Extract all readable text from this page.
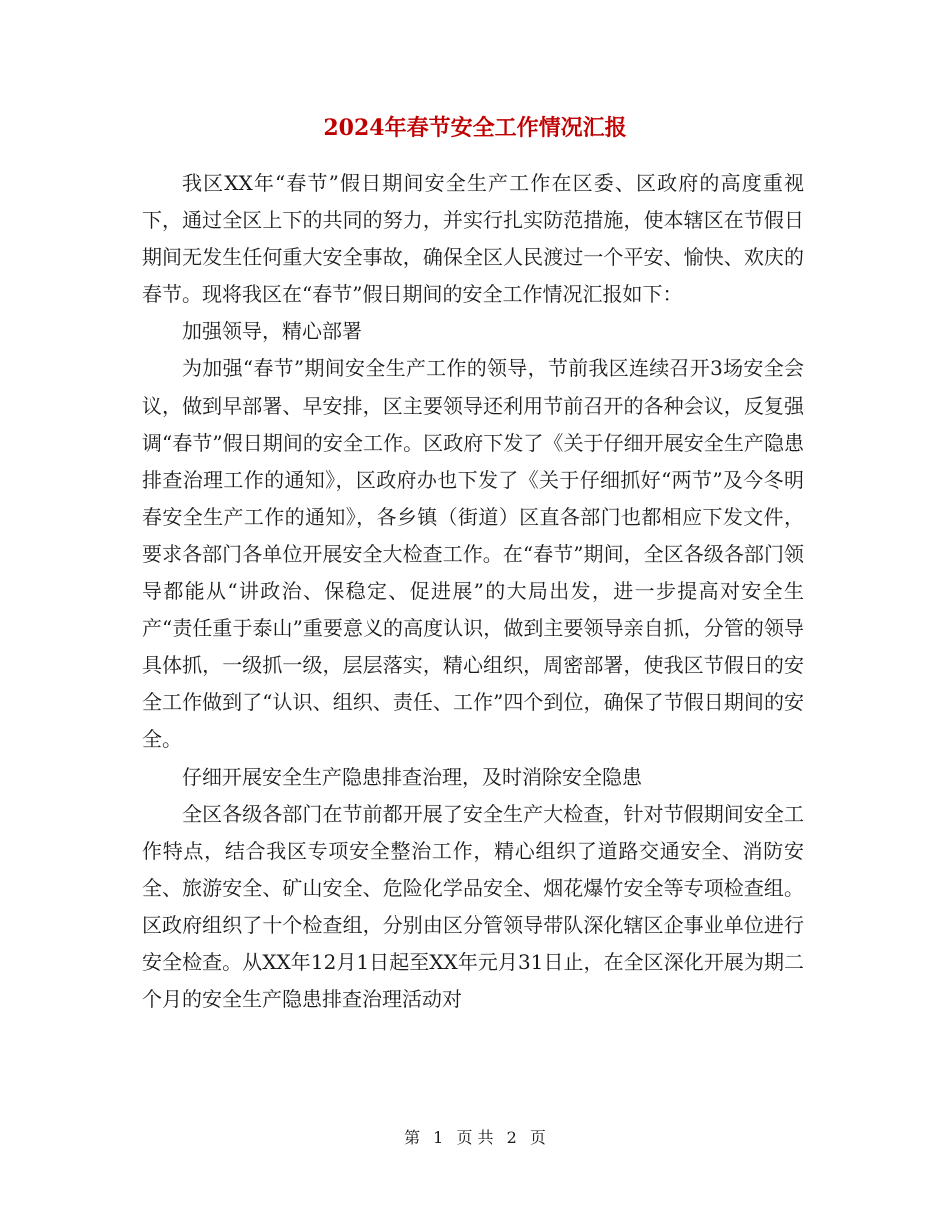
2024年春节安全工作情况汇报

我区XX年“春节”假日期间安全生产工作在区委、区政府的高度重视下，通过全区上下的共同的努力，并实行扎实防范措施，使本辖区在节假日期间无发生任何重大安全事故，确保全区人民渡过一个平安、愉快、欢庆的春节。现将我区在“春节”假日期间的安全工作情况汇报如下：

加强领导，精心部署

为加强“春节”期间安全生产工作的领导，节前我区连续召开3场安全会议，做到早部署、早安排，区主要领导还利用节前召开的各种会议，反复强调“春节”假日期间的安全工作。区政府下发了《关于仔细开展安全生产隐患排查治理工作的通知》，区政府办也下发了《关于仔细抓好“两节”及今冬明春安全生产工作的通知》，各乡镇（街道）区直各部门也都相应下发文件，要求各部门各单位开展安全大检查工作。在“春节”期间，全区各级各部门领导都能从“讲政治、保稳定、促进展”的大局出发，进一步提高对安全生产“责任重于泰山”重要意义的高度认识，做到主要领导亲自抓，分管的领导具体抓，一级抓一级，层层落实，精心组织，周密部署，使我区节假日的安全工作做到了“认识、组织、责任、工作”四个到位，确保了节假日期间的安全。

仔细开展安全生产隐患排查治理，及时消除安全隐患

全区各级各部门在节前都开展了安全生产大检查，针对节假期间安全工作特点，结合我区专项安全整治工作，精心组织了道路交通安全、消防安全、旅游安全、矿山安全、危险化学品安全、烟花爆竹安全等专项检查组。区政府组织了十个检查组，分别由区分管领导带队深化辖区企事业单位进行安全检查。从XX年12月1日起至XX年元月31日止，在全区深化开展为期二个月的安全生产隐患排查治理活动对

第 1 页 共 2 页
